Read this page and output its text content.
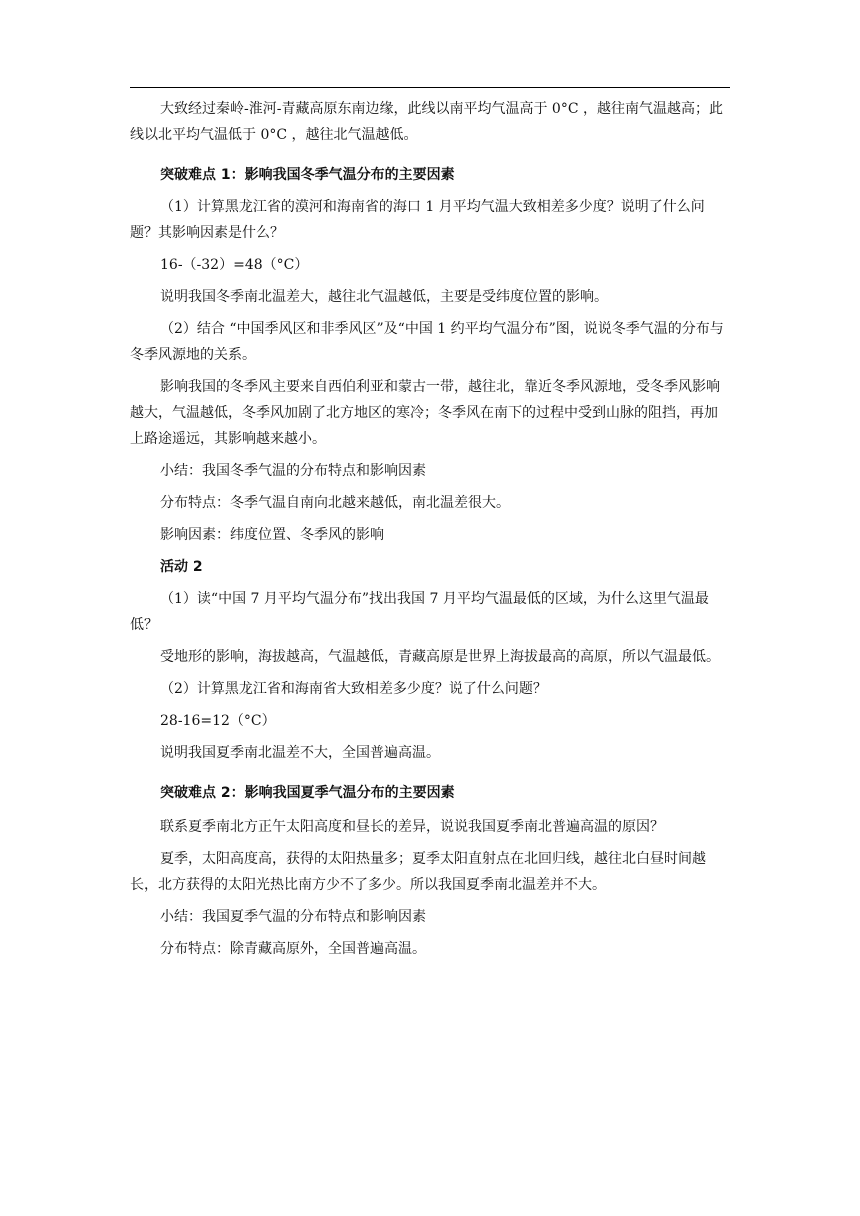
大致经过秦岭-淮河-青藏高原东南边缘，此线以南平均气温高于 0°C ，越往南气温越高；此线以北平均气温低于 0°C ，越往北气温越低。

突破难点 1：影响我国冬季气温分布的主要因素

（1）计算黑龙江省的漠河和海南省的海口 1 月平均气温大致相差多少度？说明了什么问题？其影响因素是什么？

16-（-32）=48（°C）

说明我国冬季南北温差大，越往北气温越低，主要是受纬度位置的影响。

（2）结合 “中国季风区和非季风区”及“中国 1 约平均气温分布”图，说说冬季气温的分布与冬季风源地的关系。

影响我国的冬季风主要来自西伯利亚和蒙古一带，越往北，靠近冬季风源地，受冬季风影响越大，气温越低，冬季风加剧了北方地区的寒冷；冬季风在南下的过程中受到山脉的阻挡，再加上路途遥远，其影响越来越小。

小结：我国冬季气温的分布特点和影响因素

分布特点：冬季气温自南向北越来越低，南北温差很大。

影响因素：纬度位置、冬季风的影响

活动 2

（1）读“中国 7 月平均气温分布”找出我国 7 月平均气温最低的区域，为什么这里气温最低？

受地形的影响，海拔越高，气温越低，青藏高原是世界上海拔最高的高原，所以气温最低。

（2）计算黑龙江省和海南省大致相差多少度？说了什么问题？

28-16=12（°C）

说明我国夏季南北温差不大，全国普遍高温。

突破难点 2：影响我国夏季气温分布的主要因素

联系夏季南北方正午太阳高度和昼长的差异，说说我国夏季南北普遍高温的原因？

夏季，太阳高度高，获得的太阳热量多；夏季太阳直射点在北回归线，越往北白昼时间越长，北方获得的太阳光热比南方少不了多少。所以我国夏季南北温差并不大。

小结：我国夏季气温的分布特点和影响因素

分布特点：除青藏高原外，全国普遍高温。
